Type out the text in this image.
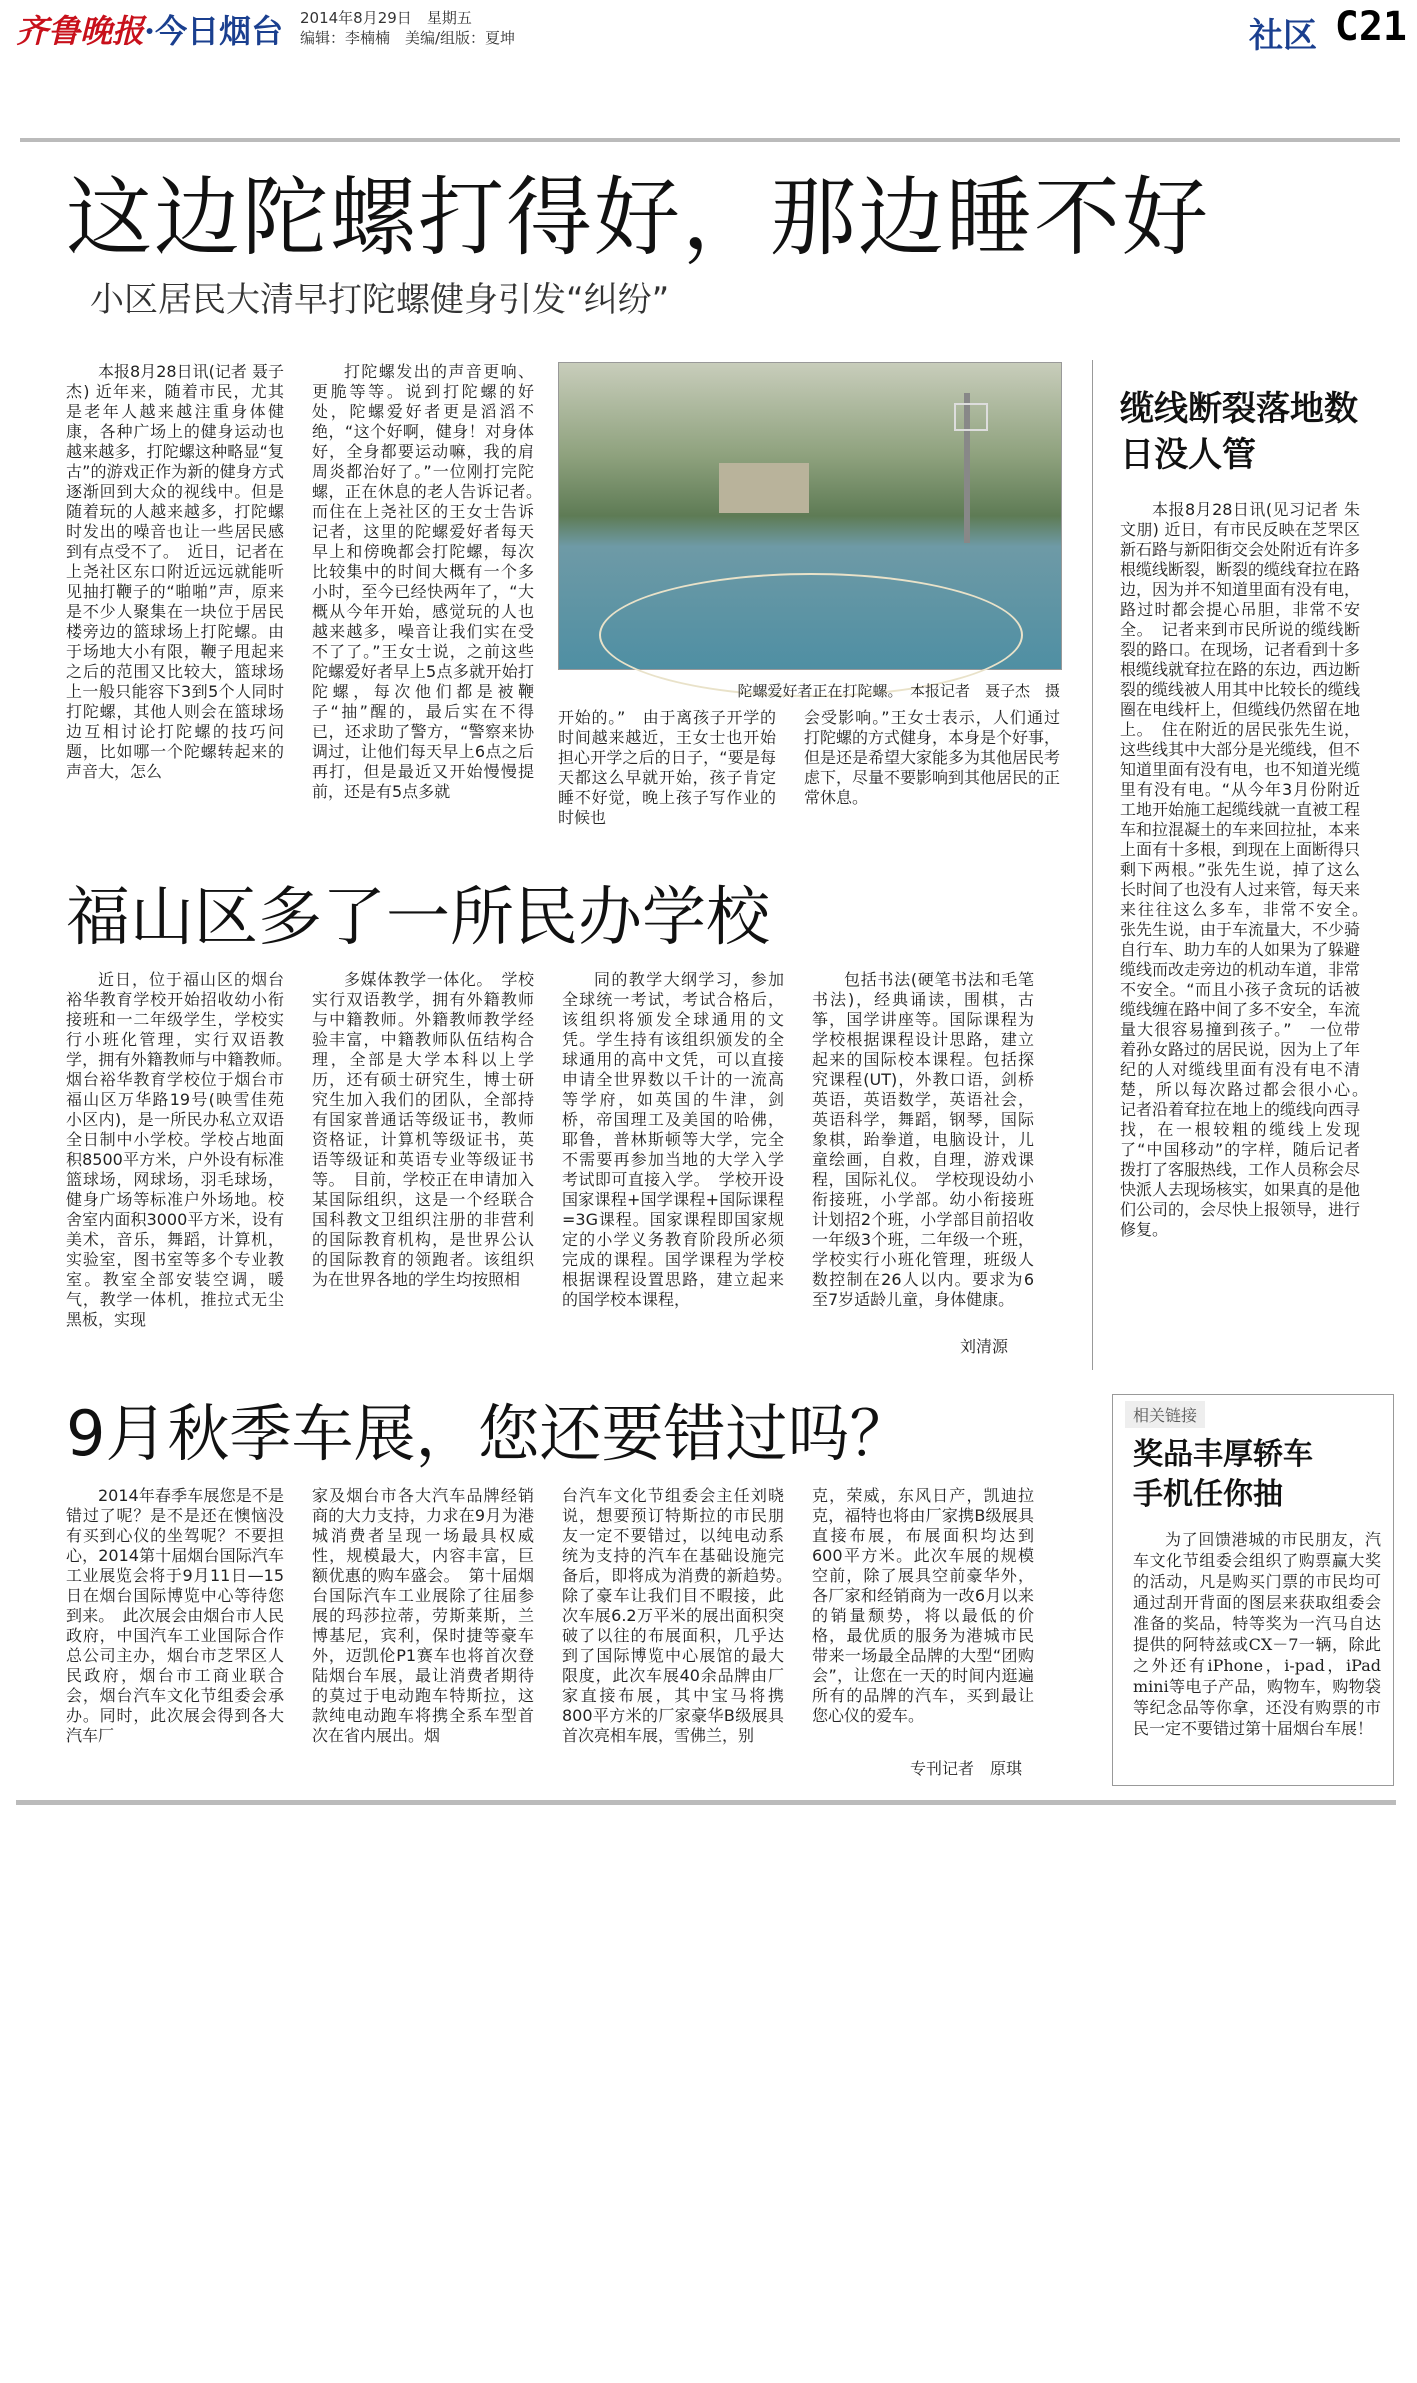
齐鲁晚报·今日烟台 2014年8月29日　 星期五
编辑：李楠楠　美编/组版：夏坤	社区 C21
这边陀螺打得好，那边睡不好
小区居民大清早打陀螺健身引发“纠纷”

本报8月28日讯(记者 聂子杰) 近年来，随着市民，尤其是老年人越来越注重身体健康，各种广场上的健身运动也越来越多，打陀螺这种略显“复古”的游戏正作为新的健身方式逐渐回到大众的视线中。但是随着玩的人越来越多，打陀螺时发出的噪音也让一些居民感到有点受不了。　近日，记者在上尧社区东口附近远远就能听见抽打鞭子的“啪啪”声，原来是不少人聚集在一块位于居民楼旁边的篮球场上打陀螺。由于场地大小有限，鞭子甩起来之后的范围又比较大，篮球场上一般只能容下3到5个人同时打陀螺，其他人则会在篮球场边互相讨论打陀螺的技巧问题，比如哪一个陀螺转起来的声音大，怎么

打陀螺发出的声音更响、更脆等等。说到打陀螺的好处，陀螺爱好者更是滔滔不绝，“这个好啊，健身！对身体好，全身都要运动嘛，我的肩周炎都治好了。”一位刚打完陀螺，正在休息的老人告诉记者。　而住在上尧社区的王女士告诉记者，这里的陀螺爱好者每天早上和傍晚都会打陀螺，每次比较集中的时间大概有一个多小时，至今已经快两年了，“大概从今年开始，感觉玩的人也越来越多，噪音让我们实在受不了了。”王女士说，之前这些陀螺爱好者早上5点多就开始打陀螺，每次他们都是被鞭子“抽”醒的，最后实在不得已，还求助了警方，“警察来协调过，让他们每天早上6点之后再打，但是最近又开始慢慢提前，还是有5点多就

陀螺爱好者正在打陀螺。　本报记者　聂子杰　摄

开始的。”　由于离孩子开学的时间越来越近，王女士也开始担心开学之后的日子，“要是每天都这么早就开始，孩子肯定睡不好觉，晚上孩子写作业的时候也

会受影响。”王女士表示，人们通过打陀螺的方式健身，本身是个好事，但是还是希望大家能多为其他居民考虑下，尽量不要影响到其他居民的正常休息。

缆线断裂落地数日没人管

本报8月28日讯(见习记者 朱文朋) 近日，有市民反映在芝罘区新石路与新阳街交会处附近有许多根缆线断裂，断裂的缆线耷拉在路边，因为并不知道里面有没有电，路过时都会提心吊胆，非常不安全。　记者来到市民所说的缆线断裂的路口。在现场，记者看到十多根缆线就耷拉在路的东边，西边断裂的缆线被人用其中比较长的缆线圈在电线杆上，但缆线仍然留在地上。　住在附近的居民张先生说，这些线其中大部分是光缆线，但不知道里面有没有电，也不知道光缆里有没有电。“从今年3月份附近工地开始施工起缆线就一直被工程车和拉混凝土的车来回拉扯，本来上面有十多根，到现在上面断得只剩下两根。”张先生说，掉了这么长时间了也没有人过来管，每天来来往往这么多车，非常不安全。　张先生说，由于车流量大，不少骑自行车、助力车的人如果为了躲避缆线而改走旁边的机动车道，非常不安全。“而且小孩子贪玩的话被缆线缠在路中间了多不安全，车流量大很容易撞到孩子。”　一位带着孙女路过的居民说，因为上了年纪的人对缆线里面有没有电不清楚，所以每次路过都会很小心。　记者沿着耷拉在地上的缆线向西寻找，在一根较粗的缆线上发现了“中国移动”的字样，随后记者拨打了客服热线，工作人员称会尽快派人去现场核实，如果真的是他们公司的，会尽快上报领导，进行修复。

福山区多了一所民办学校

近日，位于福山区的烟台裕华教育学校开始招收幼小衔接班和一二年级学生，学校实行小班化管理，实行双语教学，拥有外籍教师与中籍教师。　烟台裕华教育学校位于烟台市福山区万华路19号(映雪佳苑小区内)，是一所民办私立双语全日制中小学校。学校占地面积8500平方米，户外设有标准篮球场，网球场，羽毛球场，健身广场等标准户外场地。校舍室内面积3000平方米，设有美术，音乐，舞蹈，计算机，实验室，图书室等多个专业教室。教室全部安装空调，暖气，教学一体机，推拉式无尘黑板，实现

多媒体教学一体化。　学校实行双语教学，拥有外籍教师与中籍教师。外籍教师教学经验丰富，中籍教师队伍结构合理，全部是大学本科以上学历，还有硕士研究生，博士研究生加入我们的团队，全部持有国家普通话等级证书，教师资格证，计算机等级证书，英语等级证和英语专业等级证书等。　目前，学校正在申请加入某国际组织，这是一个经联合国科教文卫组织注册的非营利的国际教育机构，是世界公认的国际教育的领跑者。该组织为在世界各地的学生均按照相

同的教学大纲学习，参加全球统一考试，考试合格后，该组织将颁发全球通用的文凭。学生持有该组织颁发的全球通用的高中文凭，可以直接申请全世界数以千计的一流高等学府，如英国的牛津，剑桥，帝国理工及美国的哈佛，耶鲁，普林斯顿等大学，完全不需要再参加当地的大学入学考试即可直接入学。　学校开设国家课程+国学课程+国际课程=3G课程。国家课程即国家规定的小学义务教育阶段所必须完成的课程。国学课程为学校根据课程设置思路，建立起来的国学校本课程，

包括书法(硬笔书法和毛笔书法)，经典诵读，围棋，古筝，国学讲座等。国际课程为学校根据课程设计思路，建立起来的国际校本课程。包括探究课程(UT)，外教口语，剑桥英语，英语数学，英语社会，英语科学，舞蹈，钢琴，国际象棋，跆拳道，电脑设计，儿童绘画，自救，自理，游戏课程，国际礼仪。　学校现设幼小衔接班，小学部。幼小衔接班计划招2个班，小学部目前招收一年级3个班，二年级一个班，学校实行小班化管理，班级人数控制在26人以内。要求为6至7岁适龄儿童，身体健康。

刘清源
9月秋季车展，您还要错过吗？

2014年春季车展您是不是错过了呢？是不是还在懊恼没有买到心仪的坐驾呢？不要担心，2014第十届烟台国际汽车工业展览会将于9月11日—15日在烟台国际博览中心等待您到来。　此次展会由烟台市人民政府，中国汽车工业国际合作总公司主办，烟台市芝罘区人民政府，烟台市工商业联合会，烟台汽车文化节组委会承办。同时，此次展会得到各大汽车厂

家及烟台市各大汽车品牌经销商的大力支持，力求在9月为港城消费者呈现一场最具权威性，规模最大，内容丰富，巨额优惠的购车盛会。　第十届烟台国际汽车工业展除了往届参展的玛莎拉蒂，劳斯莱斯，兰博基尼，宾利，保时捷等豪车外，迈凯伦P1赛车也将首次登陆烟台车展，最让消费者期待的莫过于电动跑车特斯拉，这款纯电动跑车将携全系车型首次在省内展出。烟

台汽车文化节组委会主任刘晓说，想要预订特斯拉的市民朋友一定不要错过，以纯电动系统为支持的汽车在基础设施完备后，即将成为消费的新趋势。　除了豪车让我们目不暇接，此次车展6.2万平米的展出面积突破了以往的布展面积，几乎达到了国际博览中心展馆的最大限度，此次车展40余品牌由厂家直接布展，其中宝马将携800平方米的厂家豪华B级展具首次亮相车展，雪佛兰，别

克，荣威，东风日产，凯迪拉克，福特也将由厂家携B级展具直接布展，布展面积均达到600平方米。此次车展的规模空前，除了展具空前豪华外，各厂家和经销商为一改6月以来的销量颓势，将以最低的价格，最优质的服务为港城市民带来一场最全品牌的大型“团购会”，让您在一天的时间内逛遍所有的品牌的汽车，买到最让您心仪的爱车。

专刊记者　原琪
相关链接
奖品丰厚轿车手机任你抽

为了回馈港城的市民朋友，汽车文化节组委会组织了购票赢大奖的活动，凡是购买门票的市民均可通过刮开背面的图层来获取组委会准备的奖品，特等奖为一汽马自达提供的阿特兹或CX－7一辆，除此之外还有iPhone，i-pad，iPad mini等电子产品，购物车，购物袋等纪念品等你拿，还没有购票的市民一定不要错过第十届烟台车展！
